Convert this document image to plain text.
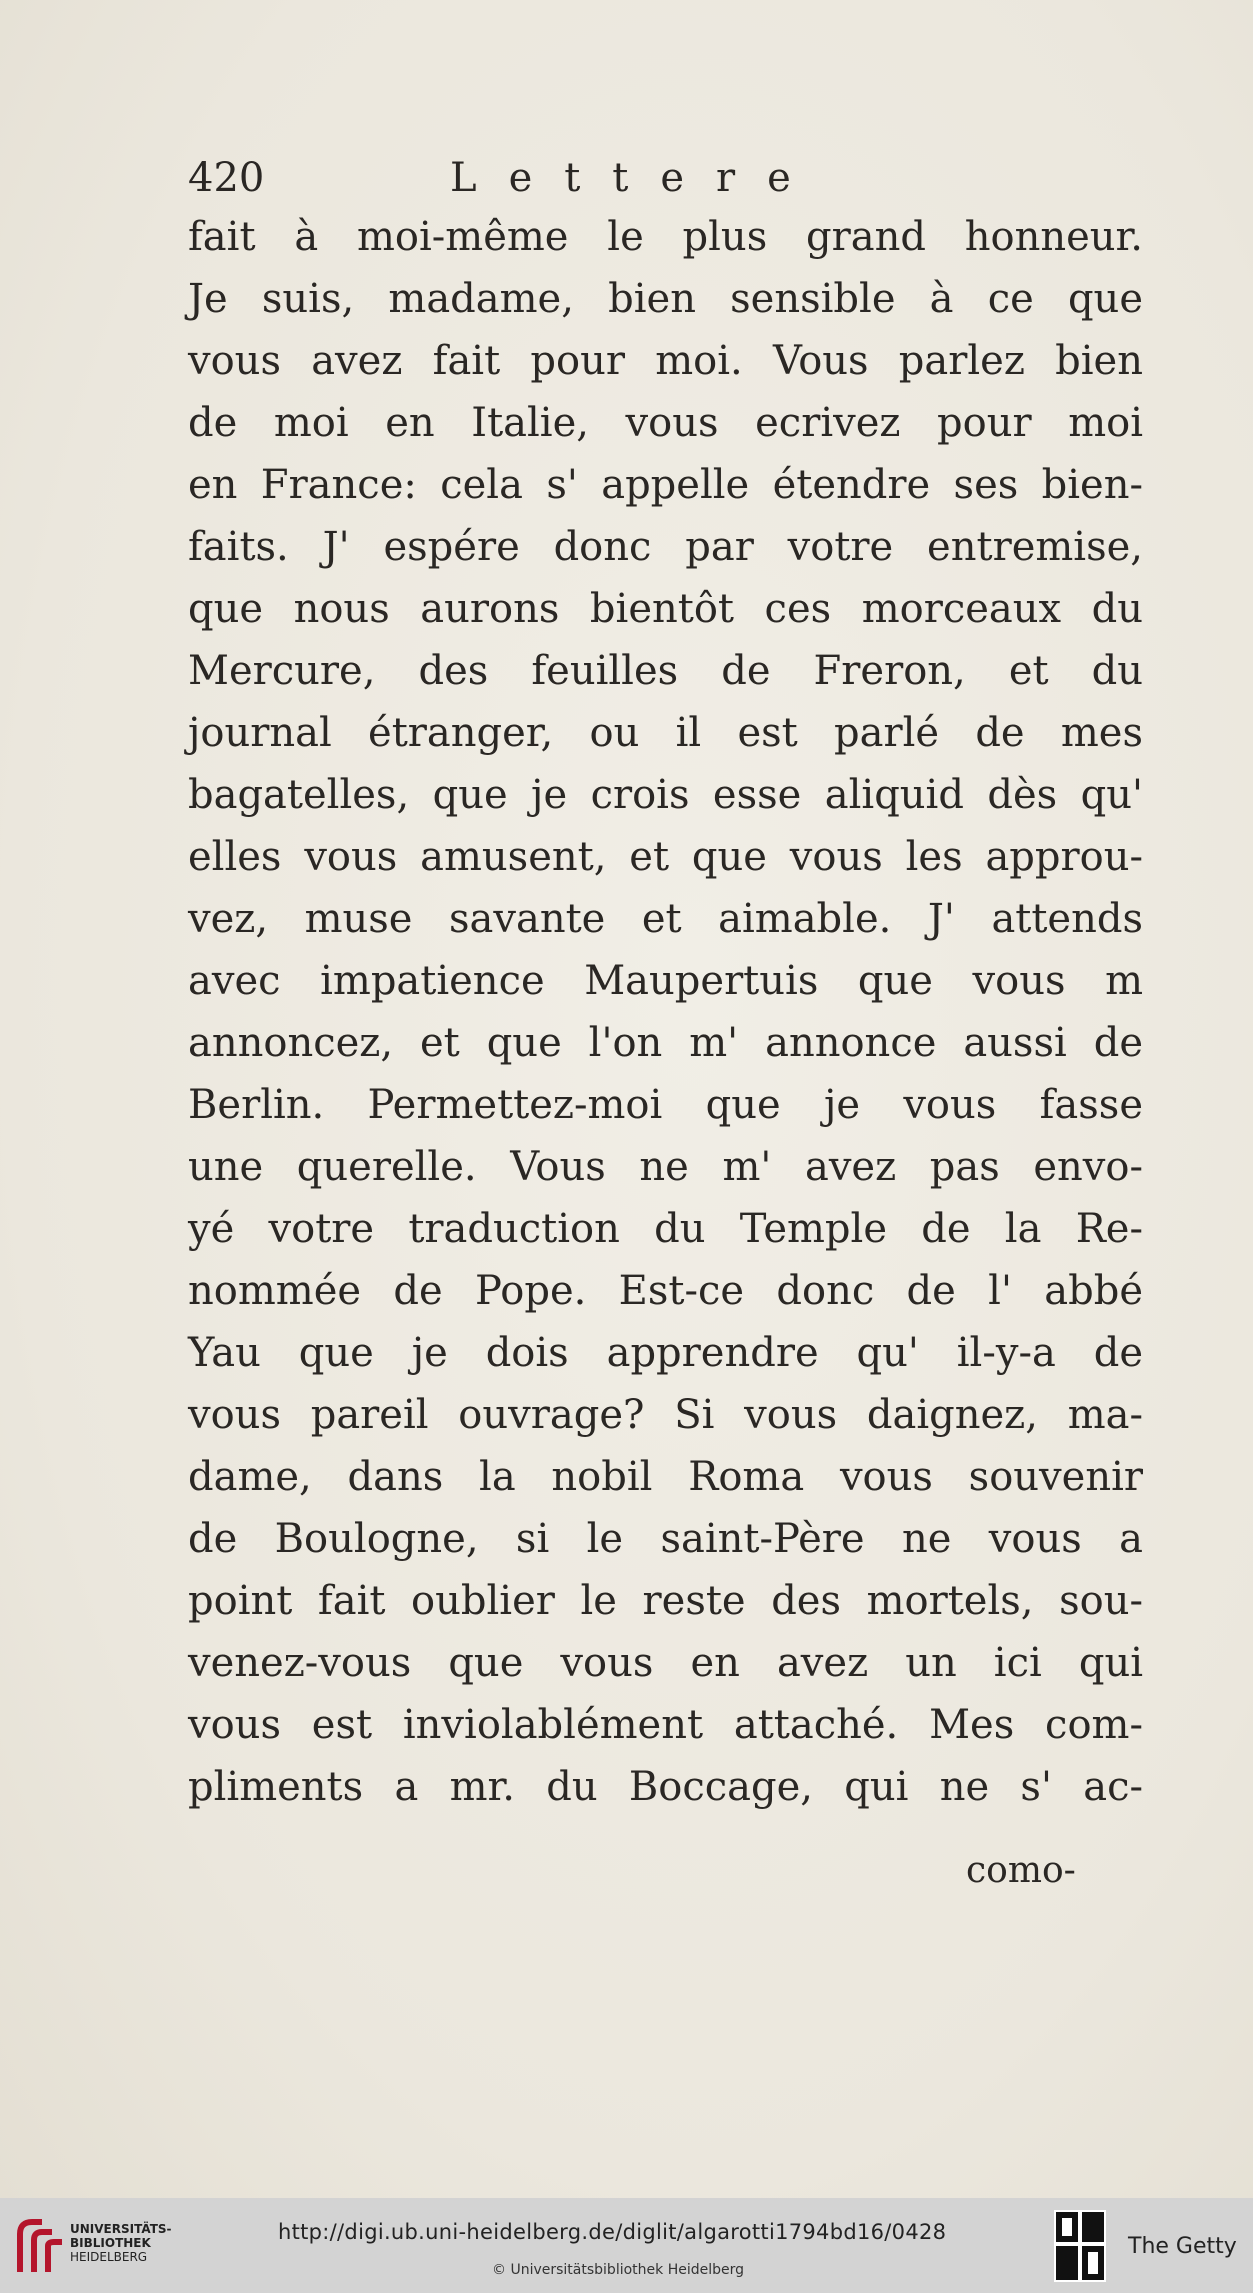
420	Lettere
fait à moi-même le plus grand honneur.
Je suis, madame, bien sensible à ce que
vous avez fait pour moi. Vous parlez bien
de moi en Italie, vous ecrivez pour moi
en France: cela s' appelle étendre ses bien-
faits. J' espére donc par votre entremise,
que nous aurons bientôt ces morceaux du
Mercure, des feuilles de Freron, et du
journal étranger, ou il est parlé de mes
bagatelles, que je crois esse aliquid dès qu'
elles vous amusent, et que vous les approu-
vez, muse savante et aimable. J' attends
avec impatience Maupertuis que vous m
annoncez, et que l'on m' annonce aussi de
Berlin. Permettez-moi que je vous fasse
une querelle. Vous ne m' avez pas envo-
yé votre traduction du Temple de la Re-
nommée de Pope. Est-ce donc de l' abbé
Yau que je dois apprendre qu' il-y-a de
vous pareil ouvrage? Si vous daignez, ma-
dame, dans la nobil Roma vous souvenir
de Boulogne, si le saint-Père ne vous a
point fait oublier le reste des mortels, sou-
venez-vous que vous en avez un ici qui
vous est inviolablément attaché. Mes com-
pliments a mr. du Boccage, qui ne s' ac-
como-
UNIVERSITÄTS-
BIBLIOTHEK
HEIDELBERG
http://digi.ub.uni-heidelberg.de/diglit/algarotti1794bd16/0428
© Universitätsbibliothek Heidelberg
The Getty
